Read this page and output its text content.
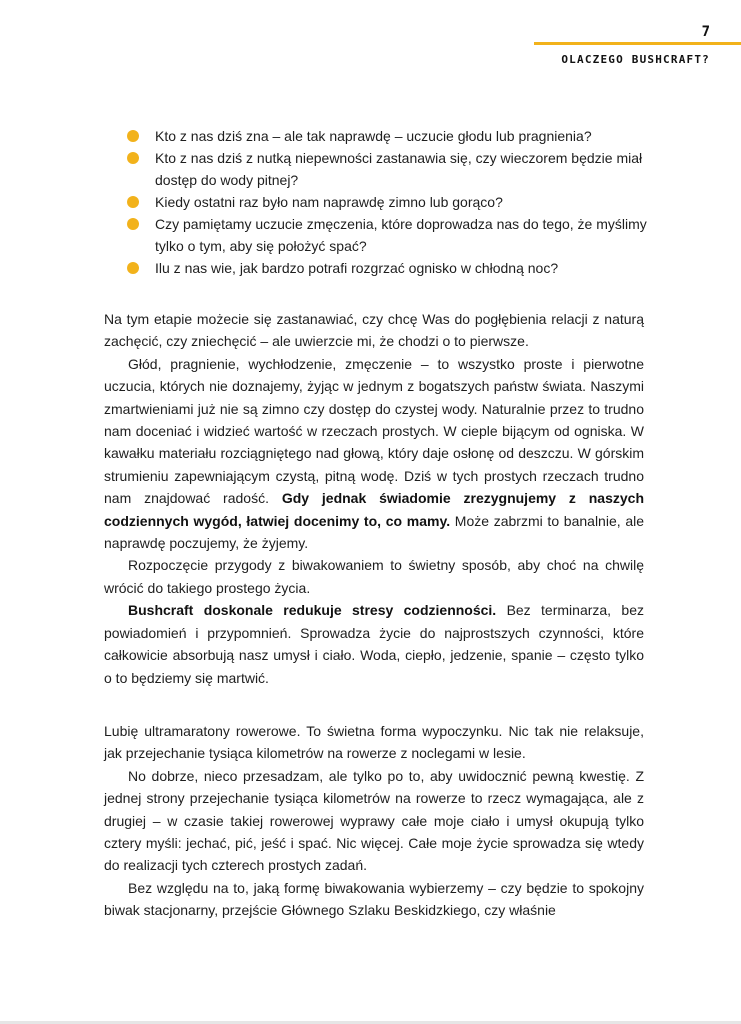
7
OLACZEGO BUSHCRAFT?
Kto z nas dziś zna – ale tak naprawdę – uczucie głodu lub pragnienia?
Kto z nas dziś z nutką niepewności zastanawia się, czy wieczorem będzie miał dostęp do wody pitnej?
Kiedy ostatni raz było nam naprawdę zimno lub gorąco?
Czy pamiętamy uczucie zmęczenia, które doprowadza nas do tego, że myślimy tylko o tym, aby się położyć spać?
Ilu z nas wie, jak bardzo potrafi rozgrzać ognisko w chłodną noc?

Na tym etapie możecie się zastanawiać, czy chcę Was do pogłębienia relacji z naturą zachęcić, czy zniechęcić – ale uwierzcie mi, że chodzi o to pierwsze.

Głód, pragnienie, wychłodzenie, zmęczenie – to wszystko proste i pierwotne uczucia, których nie doznajemy, żyjąc w jednym z bogatszych państw świata. Naszymi zmartwieniami już nie są zimno czy dostęp do czystej wody. Naturalnie przez to trudno nam doceniać i widzieć wartość w rzeczach prostych. W cieple bijącym od ogniska. W kawałku materiału rozciągniętego nad głową, który daje osłonę od deszczu. W górskim strumieniu zapewniającym czystą, pitną wodę. Dziś w tych prostych rzeczach trudno nam znajdować radość. Gdy jednak świadomie zrezygnujemy z naszych codziennych wygód, łatwiej docenimy to, co mamy. Może zabrzmi to banalnie, ale naprawdę poczujemy, że żyjemy.

Rozpoczęcie przygody z biwakowaniem to świetny sposób, aby choć na chwilę wrócić do takiego prostego życia.

Bushcraft doskonale redukuje stresy codzienności. Bez terminarza, bez powiadomień i przypomnień. Sprowadza życie do najprostszych czynności, które całkowicie absorbują nasz umysł i ciało. Woda, ciepło, jedzenie, spanie – często tylko o to będziemy się martwić.

Lubię ultramaratony rowerowe. To świetna forma wypoczynku. Nic tak nie relaksuje, jak przejechanie tysiąca kilometrów na rowerze z noclegami w lesie.

No dobrze, nieco przesadzam, ale tylko po to, aby uwidocznić pewną kwestię. Z jednej strony przejechanie tysiąca kilometrów na rowerze to rzecz wymagająca, ale z drugiej – w czasie takiej rowerowej wyprawy całe moje ciało i umysł okupują tylko cztery myśli: jechać, pić, jeść i spać. Nic więcej. Całe moje życie sprowadza się wtedy do realizacji tych czterech prostych zadań.

Bez względu na to, jaką formę biwakowania wybierzemy – czy będzie to spokojny biwak stacjonarny, przejście Głównego Szlaku Beskidzkiego, czy właśnie
